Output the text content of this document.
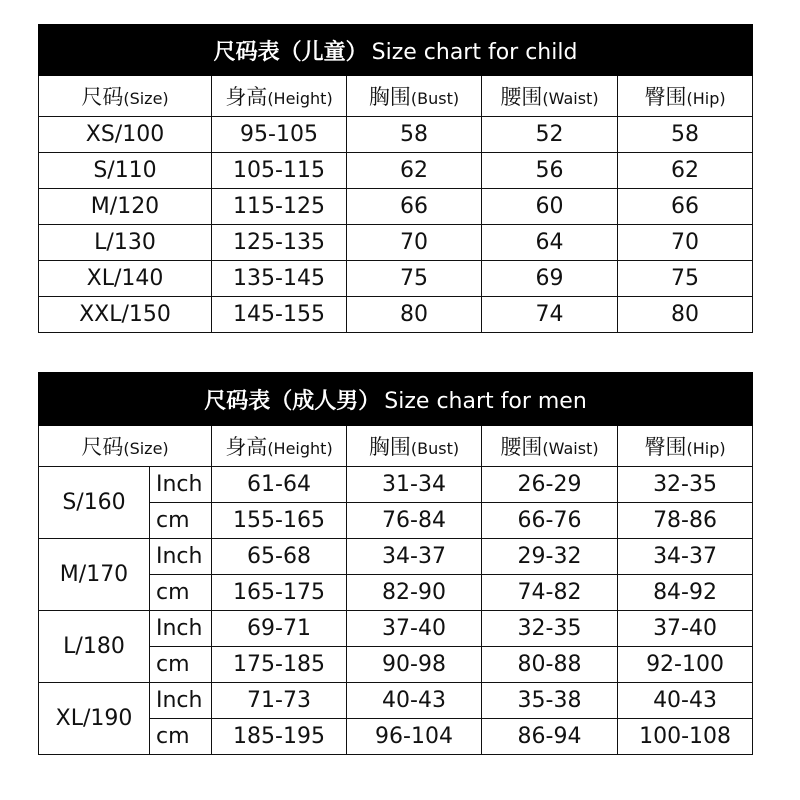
尺码表（儿童） Size chart for child				
尺码(Size)	身高(Height)	胸围(Bust)	腰围(Waist)	臀围(Hip)
XS/100	95-105	58	52	58
S/110	105-115	62	56	62
M/120	115-125	66	60	66
L/130	125-135	70	64	70
XL/140	135-145	75	69	75
XXL/150	145-155	80	74	80
尺码表（成人男） Size chart for men					
尺码(Size)		身高(Height)	胸围(Bust)	腰围(Waist)	臀围(Hip)
S/160	Inch	61-64	31-34	26-29	32-35
	cm	155-165	76-84	66-76	78-86
M/170	Inch	65-68	34-37	29-32	34-37
	cm	165-175	82-90	74-82	84-92
L/180	Inch	69-71	37-40	32-35	37-40
	cm	175-185	90-98	80-88	92-100
XL/190	Inch	71-73	40-43	35-38	40-43
	cm	185-195	96-104	86-94	100-108
